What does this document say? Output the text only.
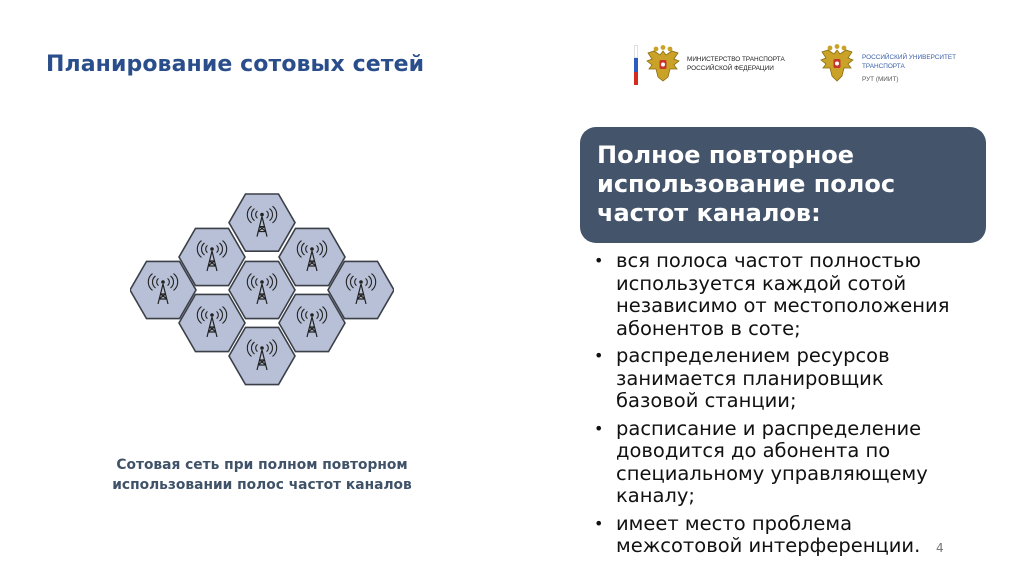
Планирование сотовых сетей	МИНИСТЕРСТВО ТРАНСПОРТА
РОССИЙСКОЙ ФЕДЕРАЦИИ
РОССИЙСКИЙ УНИВЕРСИТЕТ
ТРАНСПОРТА
РУТ (МИИТ)
Сотовая сеть при полном повторном
использовании полос частот каналов
Полное повторное
использование полос
частот каналов:
• вся полоса частот полностью
используется каждой сотой
независимо от местоположения
абонентов в соте;
• распределением ресурсов
занимается планировщик
базовой станции;
• расписание и распределение
доводится до абонента по
специальному управляющему
каналу;
• имеет место проблема
межсотовой интерференции.	4
